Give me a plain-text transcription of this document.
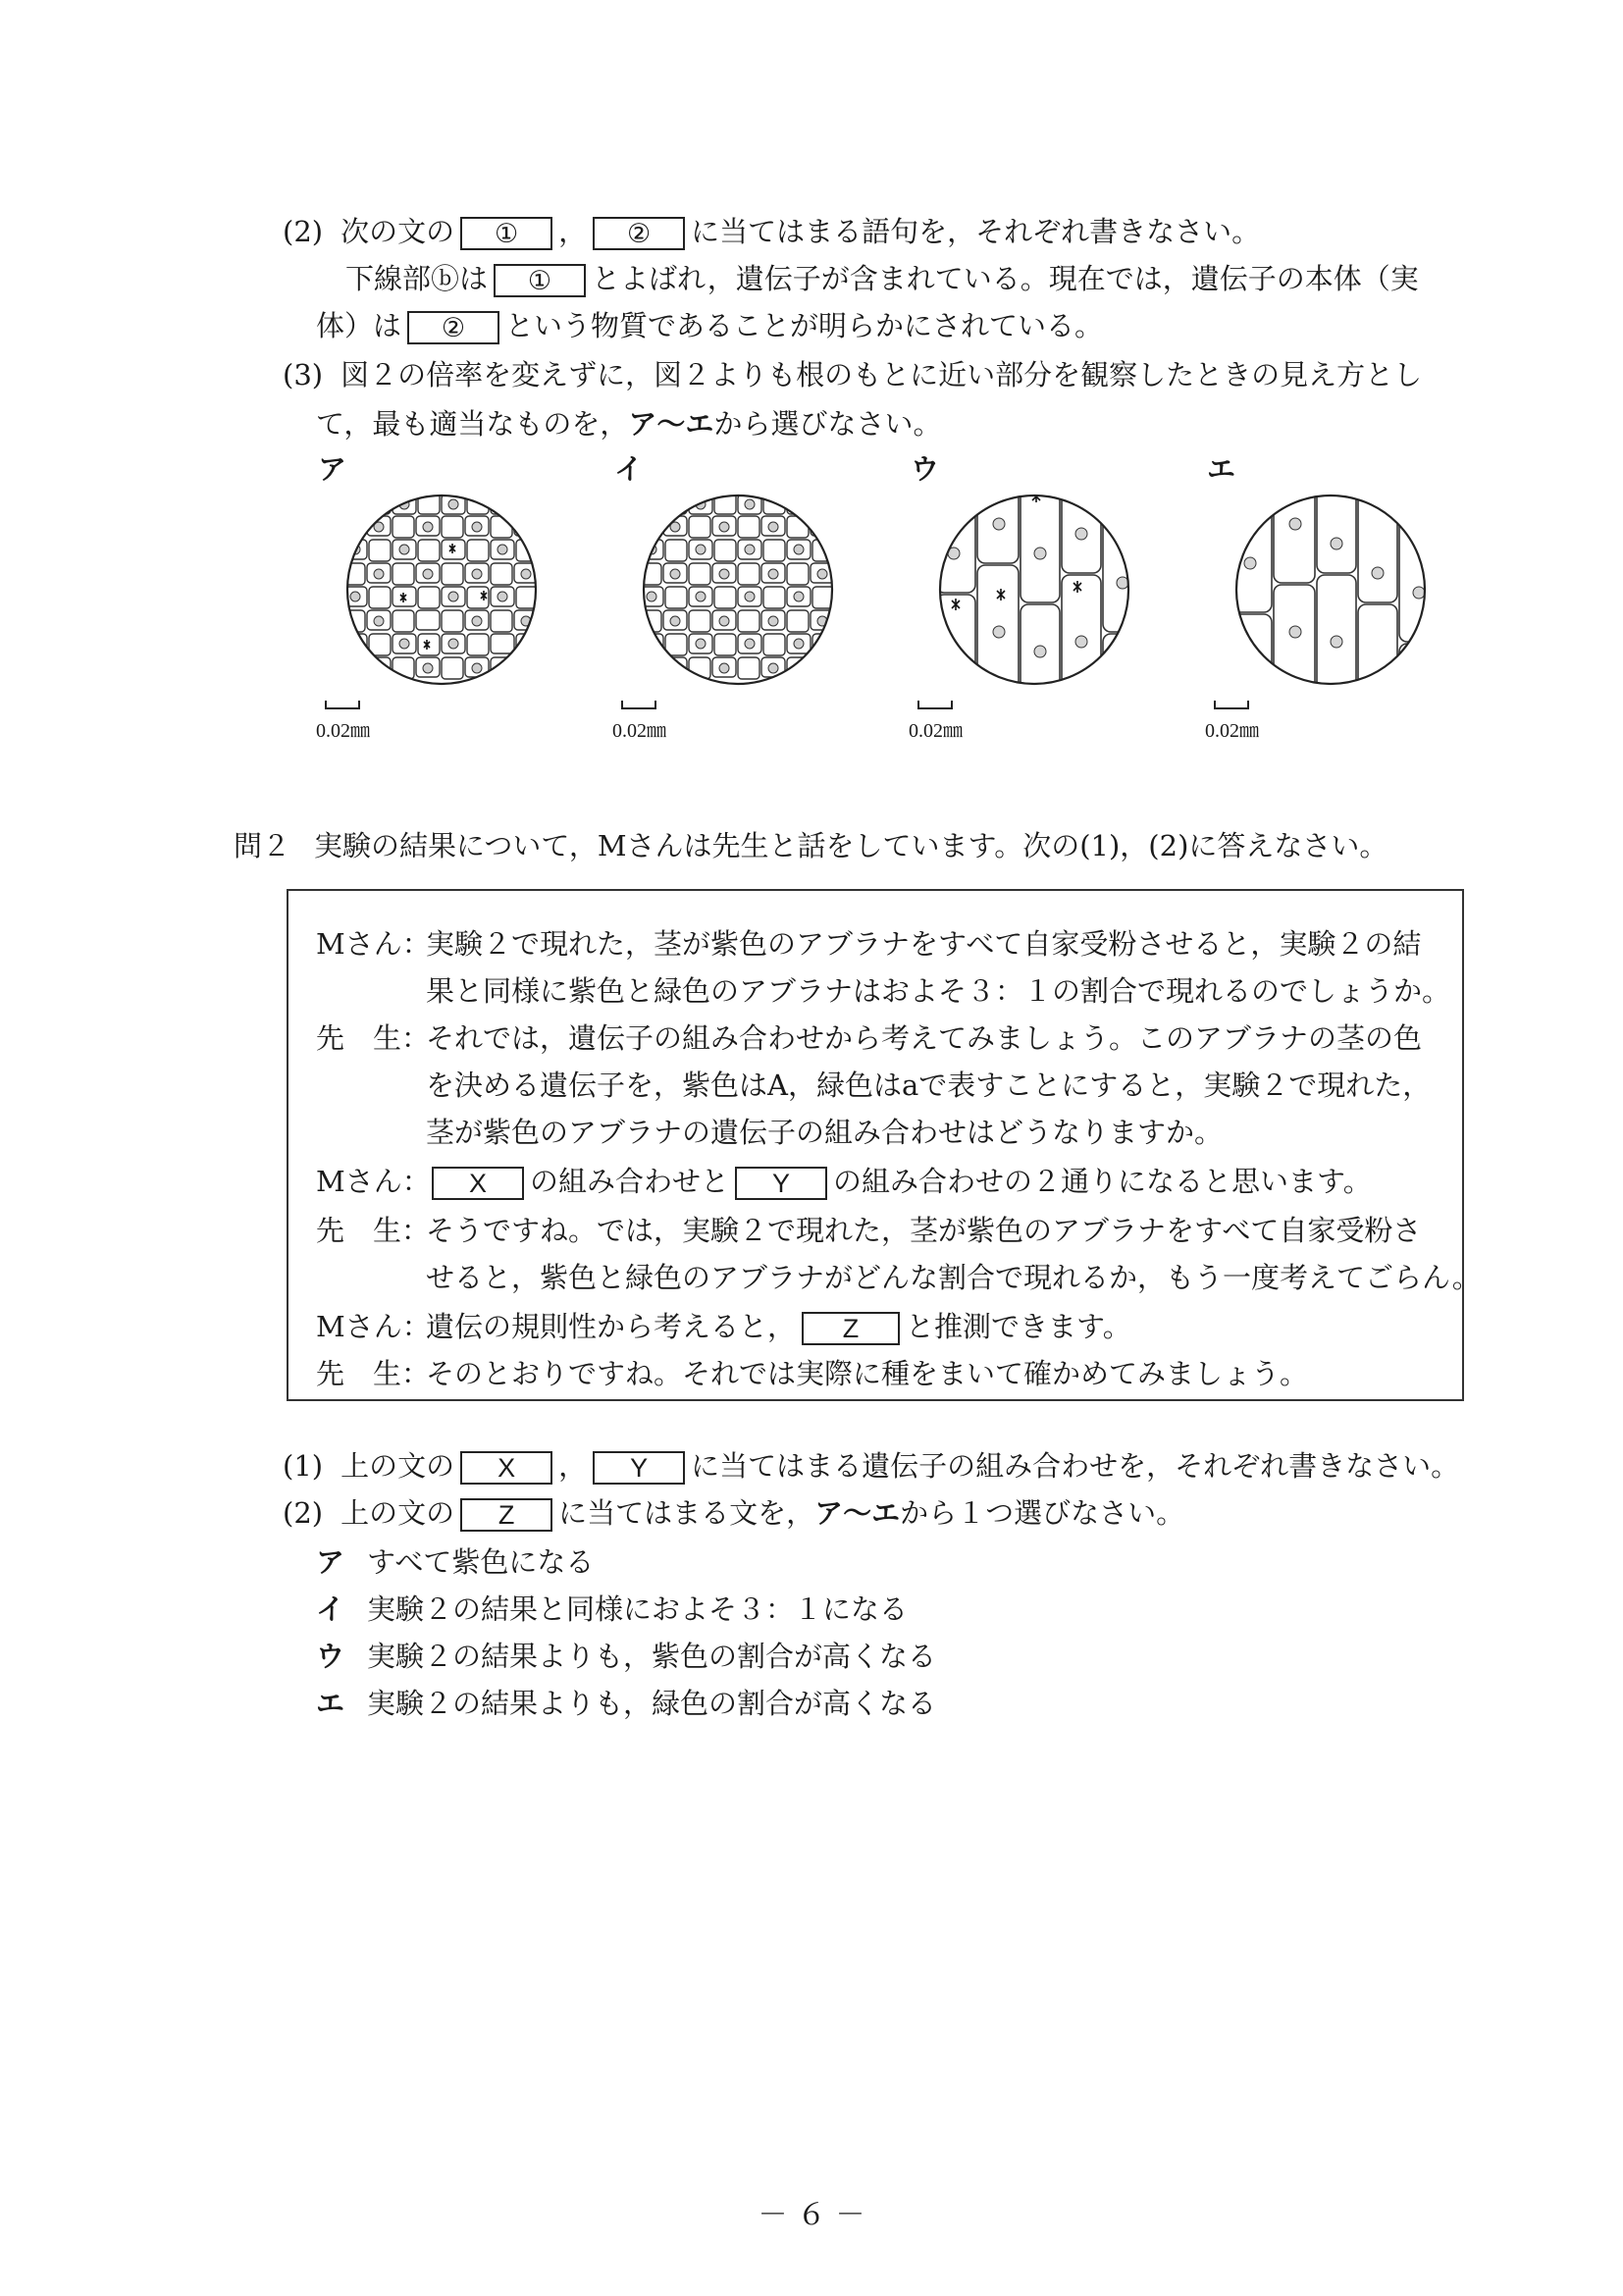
(2) 次の文の ① ， ② に当てはまる語句を，それぞれ書きなさい。
下線部ⓑは ① とよばれ，遺伝子が含まれている。現在では，遺伝子の本体（実
体）は ② という物質であることが明らかにされている。
(3) 図２の倍率を変えずに，図２よりも根のもとに近い部分を観察したときの見え方とし
て，最も適当なものを，ア〜エから選びなさい。
ア
0.02㎜
イ
0.02㎜
ウ
0.02㎜
エ
0.02㎜
問２ 実験の結果について，Mさんは先生と話をしています。次の(1)，(2)に答えなさい。
Mさん：実験２で現れた，茎が紫色のアブラナをすべて自家受粉させると，実験２の結
果と同様に紫色と緑色のアブラナはおよそ３：１の割合で現れるのでしょうか。
先　生：それでは，遺伝子の組み合わせから考えてみましょう。このアブラナの茎の色
を決める遺伝子を，紫色はA，緑色はaで表すことにすると，実験２で現れた，
茎が紫色のアブラナの遺伝子の組み合わせはどうなりますか。
Mさん： X の組み合わせと Y の組み合わせの２通りになると思います。
先　生：そうですね。では，実験２で現れた，茎が紫色のアブラナをすべて自家受粉さ
せると，紫色と緑色のアブラナがどんな割合で現れるか，もう一度考えてごらん。
Mさん：遺伝の規則性から考えると， Z と推測できます。
先　生：そのとおりですね。それでは実際に種をまいて確かめてみましょう。
(1) 上の文の X ， Y に当てはまる遺伝子の組み合わせを，それぞれ書きなさい。
(2) 上の文の Z に当てはまる文を，ア〜エから１つ選びなさい。
ア すべて紫色になる
イ 実験２の結果と同様におよそ３：１になる
ウ 実験２の結果よりも，紫色の割合が高くなる
エ 実験２の結果よりも，緑色の割合が高くなる
－ ６ －
